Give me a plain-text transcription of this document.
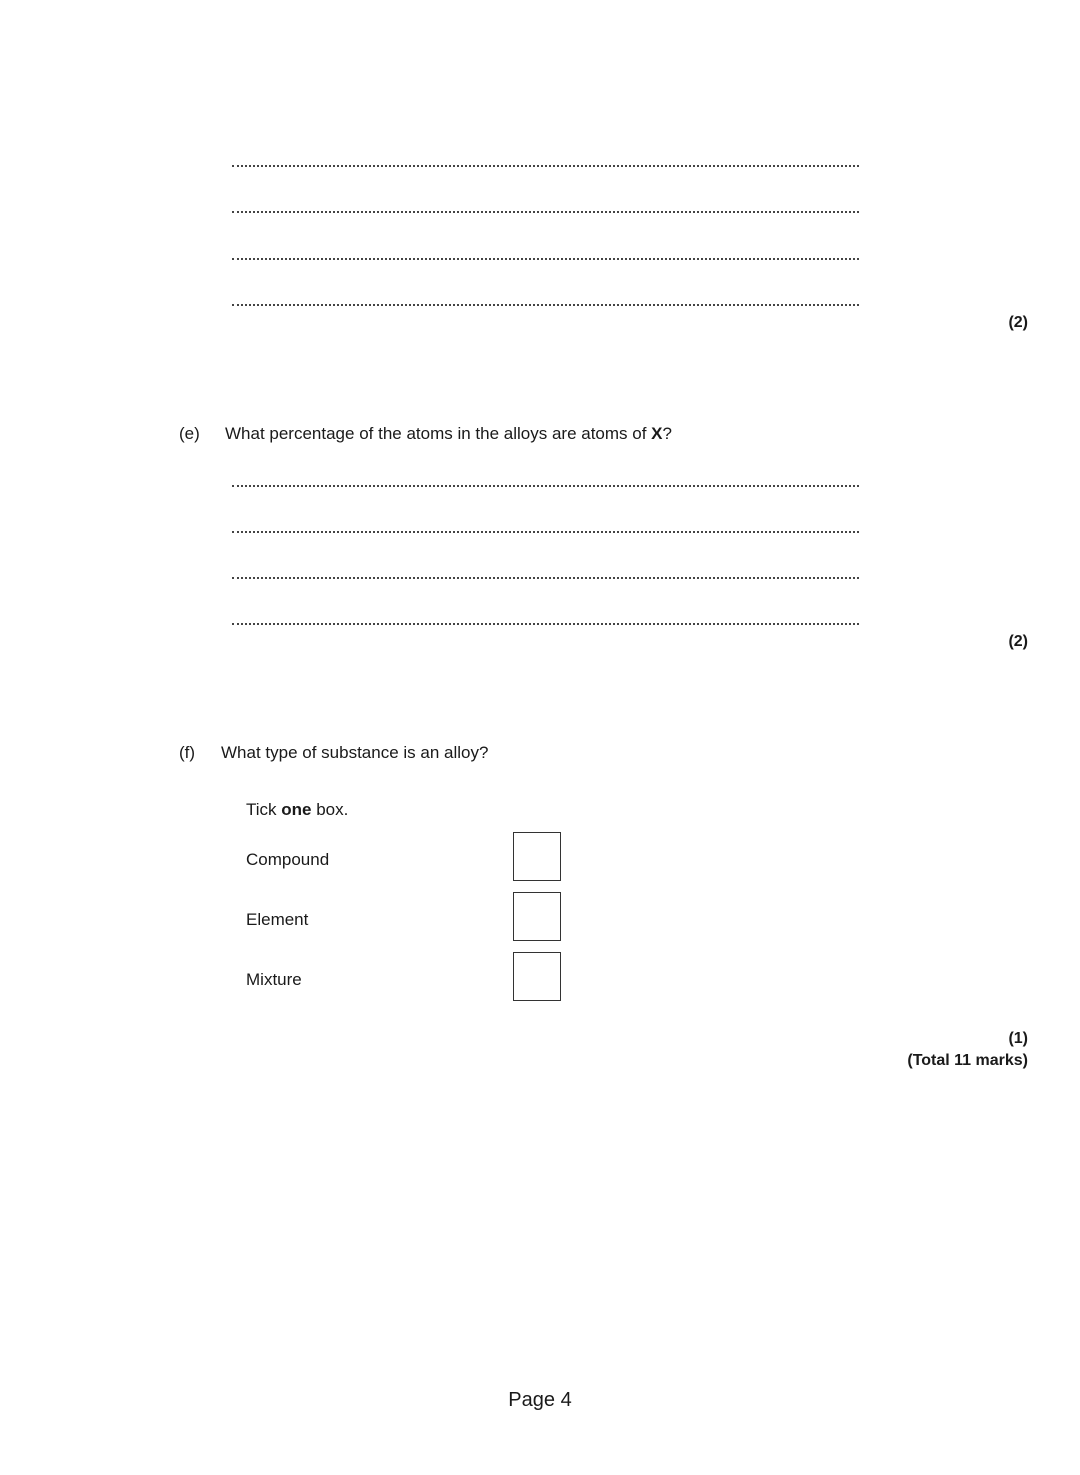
(2)
(e) What percentage of the atoms in the alloys are atoms of X?
(2)
(f) What type of substance is an alloy?
Tick one box.
Compound
Element
Mixture
(1)
(Total 11 marks)
Page 4
